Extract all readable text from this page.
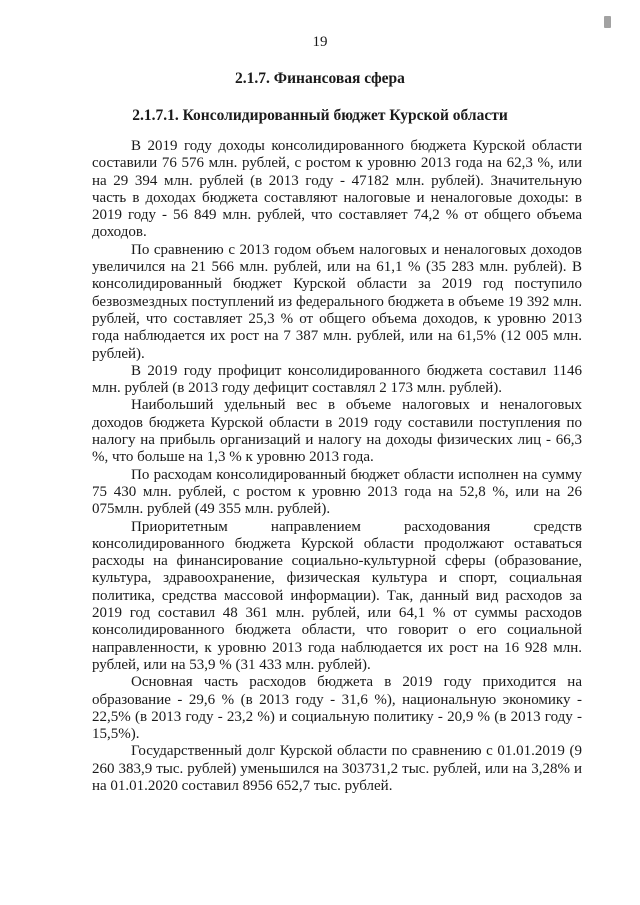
19
2.1.7. Финансовая сфера
2.1.7.1. Консолидированный бюджет Курской области

В 2019 году доходы консолидированного бюджета Курской области составили 76 576 млн. рублей, с ростом к уровню 2013 года на 62,3 %, или на 29 394 млн. рублей (в 2013 году - 47182 млн. рублей). Значительную часть в доходах бюджета составляют налоговые и неналоговые доходы: в 2019 году - 56 849 млн. рублей, что составляет 74,2 % от общего объема доходов.

По сравнению с 2013 годом объем налоговых и неналоговых доходов увеличился на 21 566 млн. рублей, или на 61,1 % (35 283 млн. рублей). В консолидированный бюджет Курской области за 2019 год поступило безвозмездных поступлений из федерального бюджета в объеме 19 392 млн. рублей, что составляет 25,3 % от общего объема доходов, к уровню 2013 года наблюдается их рост на 7 387 млн. рублей, или на 61,5% (12 005 млн. рублей).

В 2019 году профицит консолидированного бюджета составил 1146 млн. рублей (в 2013 году дефицит составлял 2 173 млн. рублей).

Наибольший удельный вес в объеме налоговых и неналоговых доходов бюджета Курской области в 2019 году составили поступления по налогу на прибыль организаций и налогу на доходы физических лиц - 66,3 %, что больше на 1,3 % к уровню 2013 года.

По расходам консолидированный бюджет области исполнен на сумму 75 430 млн. рублей, с ростом к уровню 2013 года на 52,8 %, или на 26 075млн. рублей (49 355 млн. рублей).

Приоритетным направлением расходования средств консолидированного бюджета Курской области продолжают оставаться расходы на финансирование социально-культурной сферы (образование, культура, здравоохранение, физическая культура и спорт, социальная политика, средства массовой информации). Так, данный вид расходов за 2019 год составил 48 361 млн. рублей, или 64,1 % от суммы расходов консолидированного бюджета области, что говорит о его социальной направленности, к уровню 2013 года наблюдается их рост на 16 928 млн. рублей, или на 53,9 % (31 433 млн. рублей).

Основная часть расходов бюджета в 2019 году приходится на образование - 29,6 % (в 2013 году - 31,6 %), национальную экономику - 22,5% (в 2013 году - 23,2 %) и социальную политику - 20,9 % (в 2013 году - 15,5%).

Государственный долг Курской области по сравнению с 01.01.2019 (9 260 383,9 тыс. рублей) уменьшился на 303731,2 тыс. рублей, или на 3,28% и на 01.01.2020 составил 8956 652,7 тыс. рублей.
